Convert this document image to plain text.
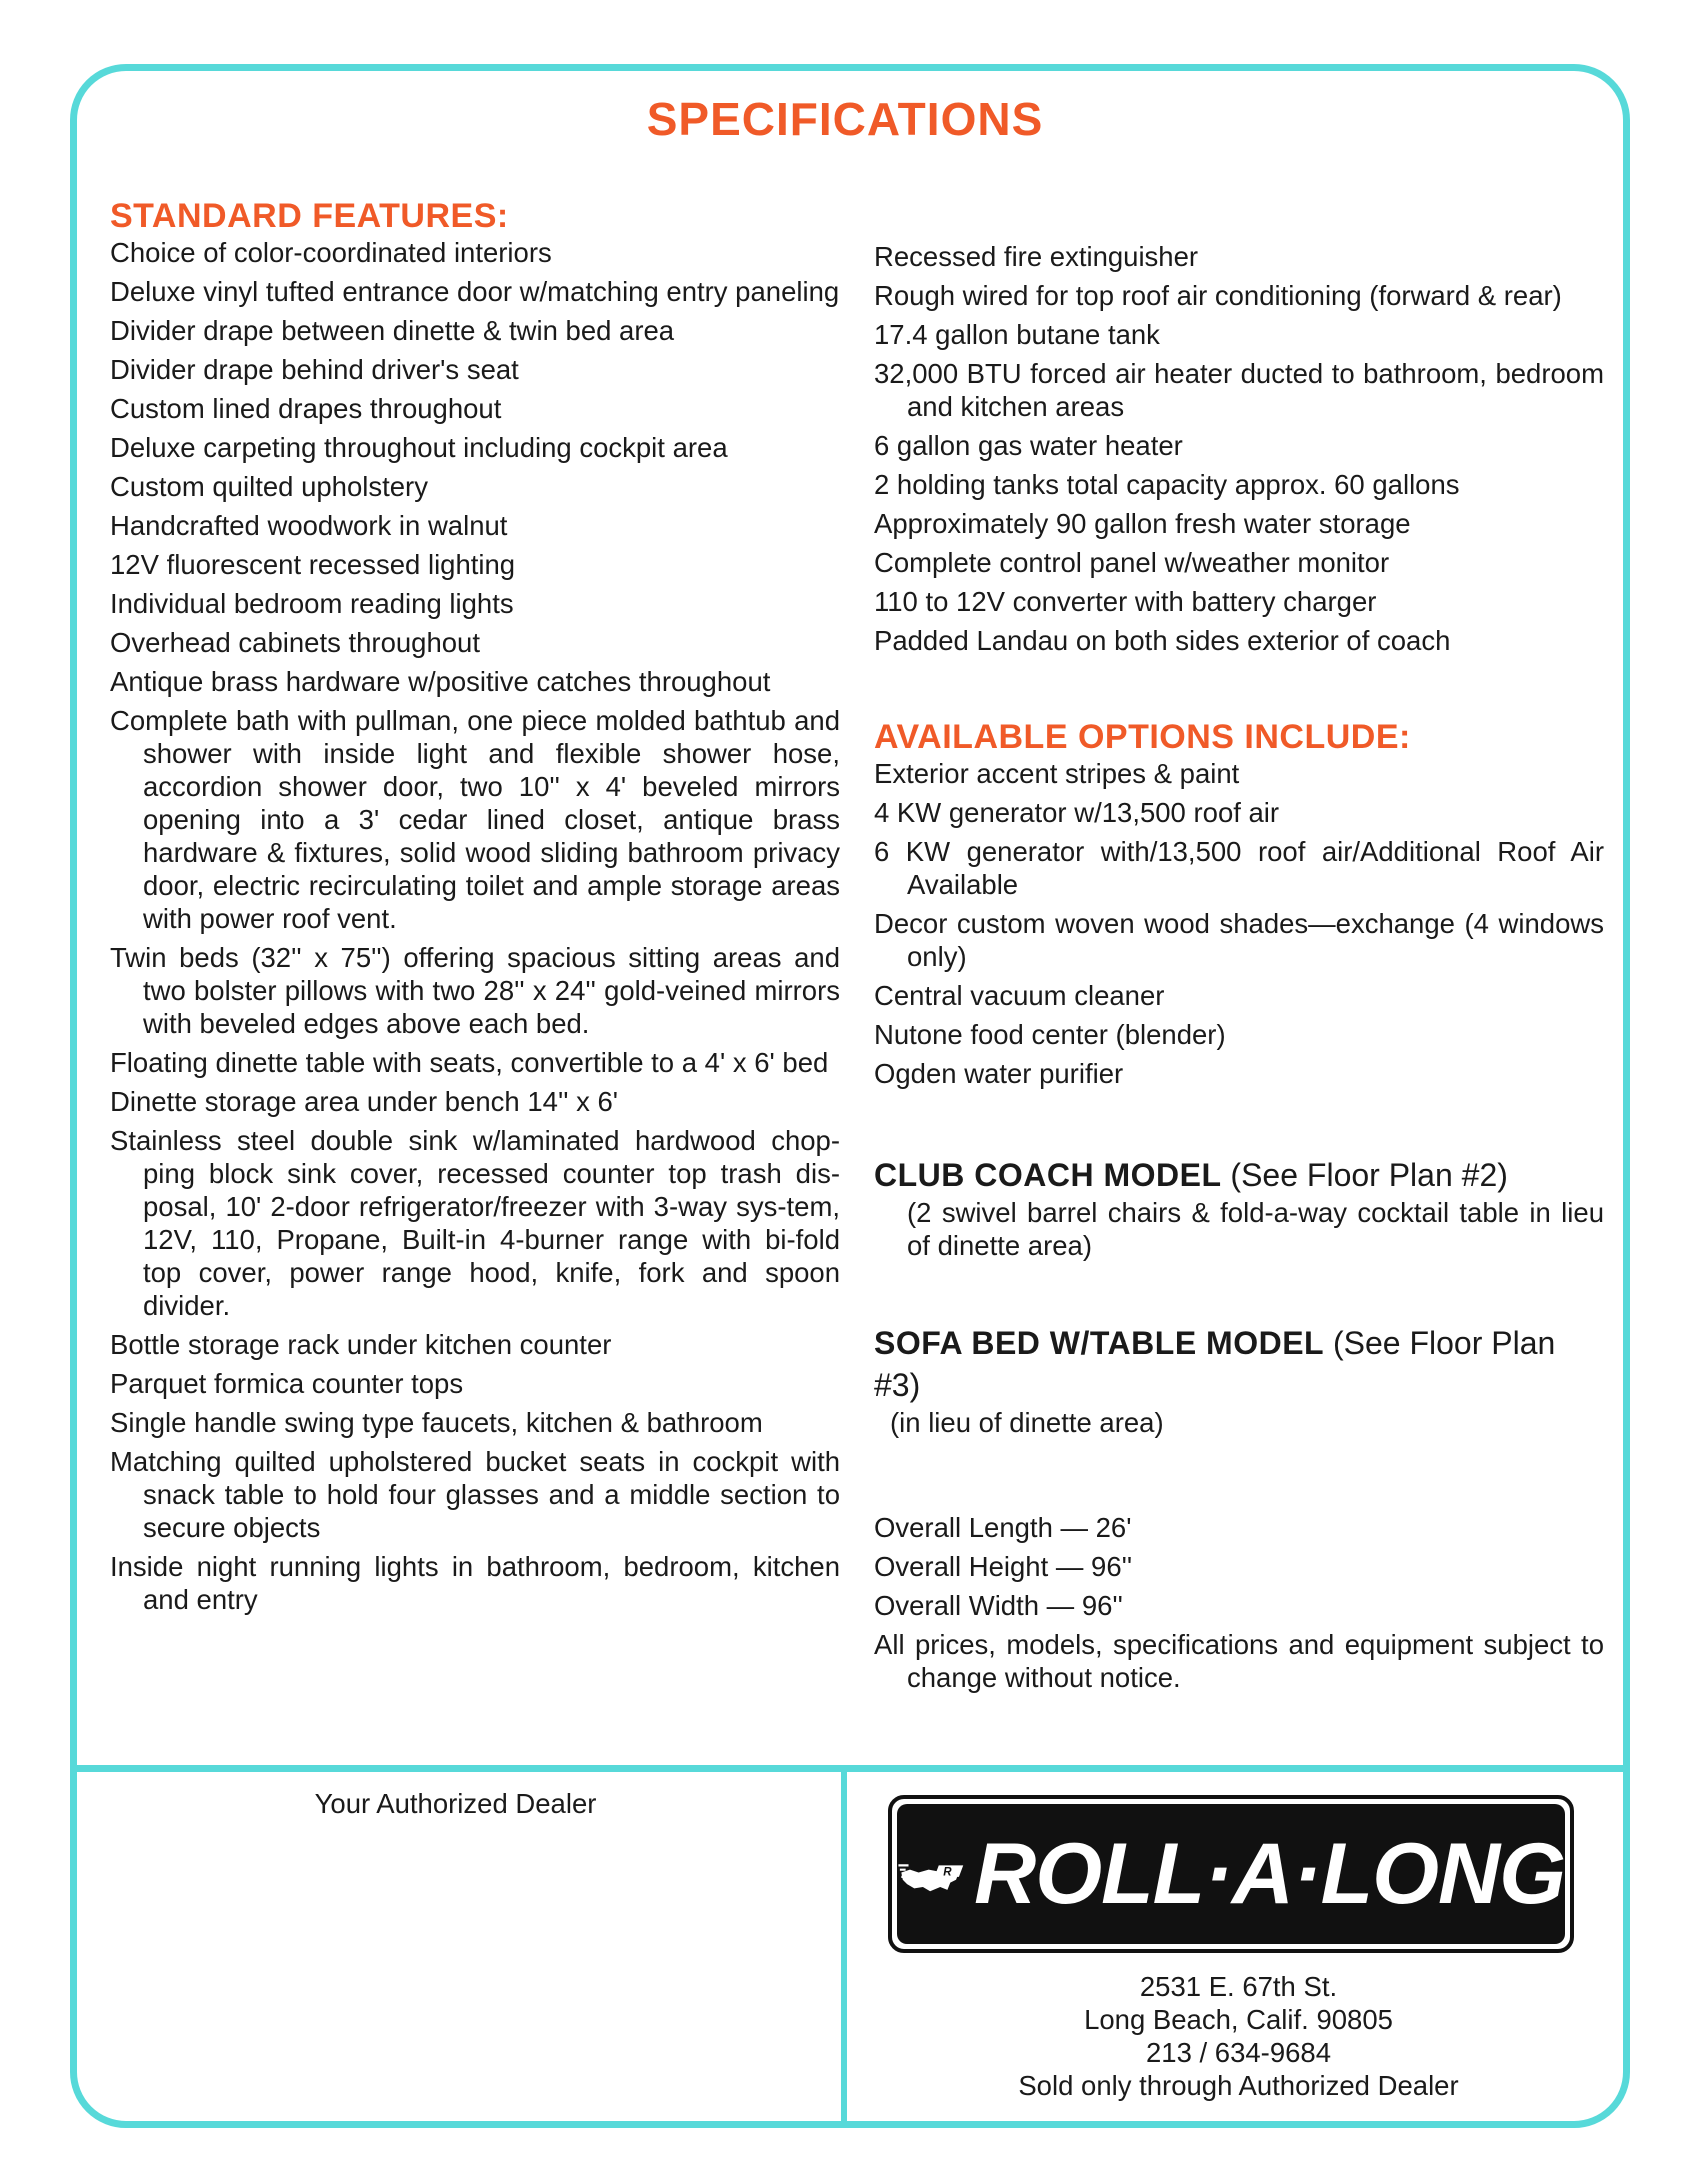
SPECIFICATIONS
STANDARD FEATURES:
Choice of color-coordinated interiors
Deluxe vinyl tufted entrance door w/matching entry paneling
Divider drape between dinette & twin bed area
Divider drape behind driver's seat
Custom lined drapes throughout
Deluxe carpeting throughout including cockpit area
Custom quilted upholstery
Handcrafted woodwork in walnut
12V fluorescent recessed lighting
Individual bedroom reading lights
Overhead cabinets throughout
Antique brass hardware w/positive catches throughout
Complete bath with pullman, one piece molded bathtub and shower with inside light and flexible shower hose, accordion shower door, two 10'' x 4' beveled mirrors opening into a 3' cedar lined closet, antique brass hardware & fixtures, solid wood sliding bathroom privacy door, electric recirculating toilet and ample storage areas with power roof vent.
Twin beds (32'' x 75'') offering spacious sitting areas and two bolster pillows with two 28'' x 24'' gold-veined mirrors with beveled edges above each bed.
Floating dinette table with seats, convertible to a 4' x 6' bed
Dinette storage area under bench 14'' x 6'
Stainless steel double sink w/laminated hardwood chop-ping block sink cover, recessed counter top trash dis-posal, 10' 2-door refrigerator/freezer with 3-way sys-tem, 12V, 110, Propane, Built-in 4-burner range with bi-fold top cover, power range hood, knife, fork and spoon divider.
Bottle storage rack under kitchen counter
Parquet formica counter tops
Single handle swing type faucets, kitchen & bathroom
Matching quilted upholstered bucket seats in cockpit with snack table to hold four glasses and a middle section to secure objects
Inside night running lights in bathroom, bedroom, kitchen and entry
Recessed fire extinguisher
Rough wired for top roof air conditioning (forward & rear)
17.4 gallon butane tank
32,000 BTU forced air heater ducted to bathroom, bedroom and kitchen areas
6 gallon gas water heater
2 holding tanks total capacity approx. 60 gallons
Approximately 90 gallon fresh water storage
Complete control panel w/weather monitor
110 to 12V converter with battery charger
Padded Landau on both sides exterior of coach
AVAILABLE OPTIONS INCLUDE:
Exterior accent stripes & paint
4 KW generator w/13,500 roof air
6 KW generator with/13,500 roof air/Additional Roof Air Available
Decor custom woven wood shades—exchange (4 windows only)
Central vacuum cleaner
Nutone food center (blender)
Ogden water purifier
CLUB COACH MODEL (See Floor Plan #2)
(2 swivel barrel chairs & fold-a-way cocktail table in lieu of dinette area)
SOFA BED W/TABLE MODEL (See Floor Plan #3)
(in lieu of dinette area)
Overall Length — 26'
Overall Height — 96''
Overall Width — 96''
All prices, models, specifications and equipment subject to change without notice.
Your Authorized Dealer
R ROLL·A·LONG
2531 E. 67th St.
Long Beach, Calif. 90805
213 / 634-9684
Sold only through Authorized Dealer
